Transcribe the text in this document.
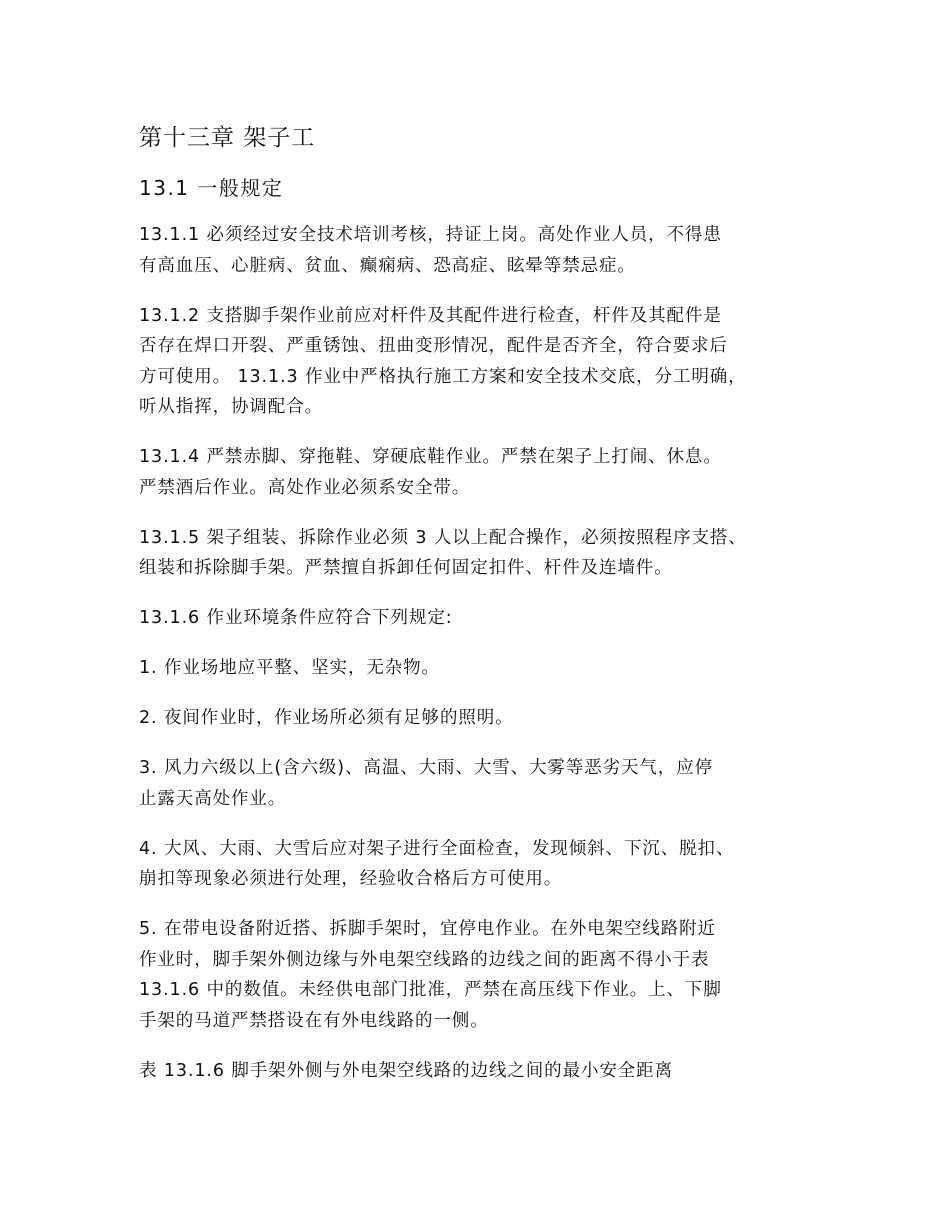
第十三章 架子工
13.1 一般规定

13.1.1 必须经过安全技术培训考核，持证上岗。高处作业人员，不得患
有高血压、心脏病、贫血、癫痫病、恐高症、眩晕等禁忌症。

13.1.2 支搭脚手架作业前应对杆件及其配件进行检查，杆件及其配件是
否存在焊口开裂、严重锈蚀、扭曲变形情况，配件是否齐全，符合要求后
方可使用。 13.1.3 作业中严格执行施工方案和安全技术交底，分工明确，
听从指挥，协调配合。

13.1.4 严禁赤脚、穿拖鞋、穿硬底鞋作业。严禁在架子上打闹、休息。
严禁酒后作业。高处作业必须系安全带。

13.1.5 架子组装、拆除作业必须 3 人以上配合操作，必须按照程序支搭、
组装和拆除脚手架。严禁擅自拆卸任何固定扣件、杆件及连墙件。

13.1.6 作业环境条件应符合下列规定:

1. 作业场地应平整、坚实，无杂物。

2. 夜间作业时，作业场所必须有足够的照明。

3. 风力六级以上(含六级)、高温、大雨、大雪、大雾等恶劣天气，应停
止露天高处作业。

4. 大风、大雨、大雪后应对架子进行全面检查，发现倾斜、下沉、脱扣、
崩扣等现象必须进行处理，经验收合格后方可使用。

5. 在带电设备附近搭、拆脚手架时，宜停电作业。在外电架空线路附近
作业时，脚手架外侧边缘与外电架空线路的边线之间的距离不得小于表
13.1.6 中的数值。未经供电部门批准，严禁在高压线下作业。上、下脚
手架的马道严禁搭设在有外电线路的一侧。

表 13.1.6 脚手架外侧与外电架空线路的边线之间的最小安全距离
